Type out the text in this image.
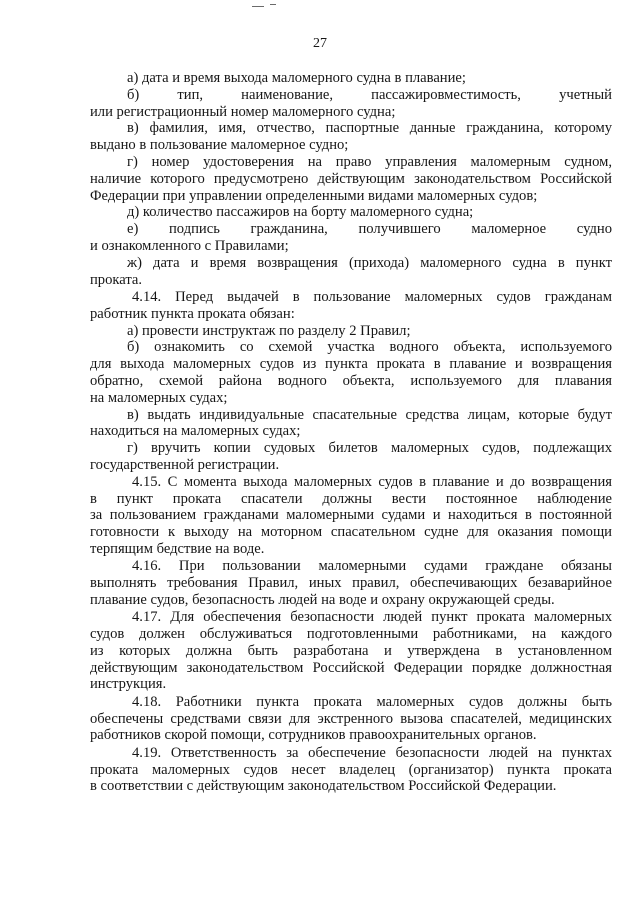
27
а) дата и время выхода маломерного судна в плавание;
б) тип, наименование, пассажировместимость, учетный
или регистрационный номер маломерного судна;
в) фамилия, имя, отчество, паспортные данные гражданина, которому
выдано в пользование маломерное судно;
г) номер удостоверения на право управления маломерным судном,
наличие которого предусмотрено действующим законодательством Российской
Федерации при управлении определенными видами маломерных судов;
д) количество пассажиров на борту маломерного судна;
е) подпись гражданина, получившего маломерное судно
и ознакомленного с Правилами;
ж) дата и время возвращения (прихода) маломерного судна в пункт
проката.
4.14. Перед выдачей в пользование маломерных судов гражданам
работник пункта проката обязан:
а) провести инструктаж по разделу 2 Правил;
б) ознакомить со схемой участка водного объекта, используемого
для выхода маломерных судов из пункта проката в плавание и возвращения
обратно, схемой района водного объекта, используемого для плавания
на маломерных судах;
в) выдать индивидуальные спасательные средства лицам, которые будут
находиться на маломерных судах;
г) вручить копии судовых билетов маломерных судов, подлежащих
государственной регистрации.
4.15. С момента выхода маломерных судов в плавание и до возвращения
в пункт проката спасатели должны вести постоянное наблюдение
за пользованием гражданами маломерными судами и находиться в постоянной
готовности к выходу на моторном спасательном судне для оказания помощи
терпящим бедствие на воде.
4.16. При пользовании маломерными судами граждане обязаны
выполнять требования Правил, иных правил, обеспечивающих безаварийное
плавание судов, безопасность людей на воде и охрану окружающей среды.
4.17. Для обеспечения безопасности людей пункт проката маломерных
судов должен обслуживаться подготовленными работниками, на каждого
из которых должна быть разработана и утверждена в установленном
действующим законодательством Российской Федерации порядке должностная
инструкция.
4.18. Работники пункта проката маломерных судов должны быть
обеспечены средствами связи для экстренного вызова спасателей, медицинских
работников скорой помощи, сотрудников правоохранительных органов.
4.19. Ответственность за обеспечение безопасности людей на пунктах
проката маломерных судов несет владелец (организатор) пункта проката
в соответствии с действующим законодательством Российской Федерации.
